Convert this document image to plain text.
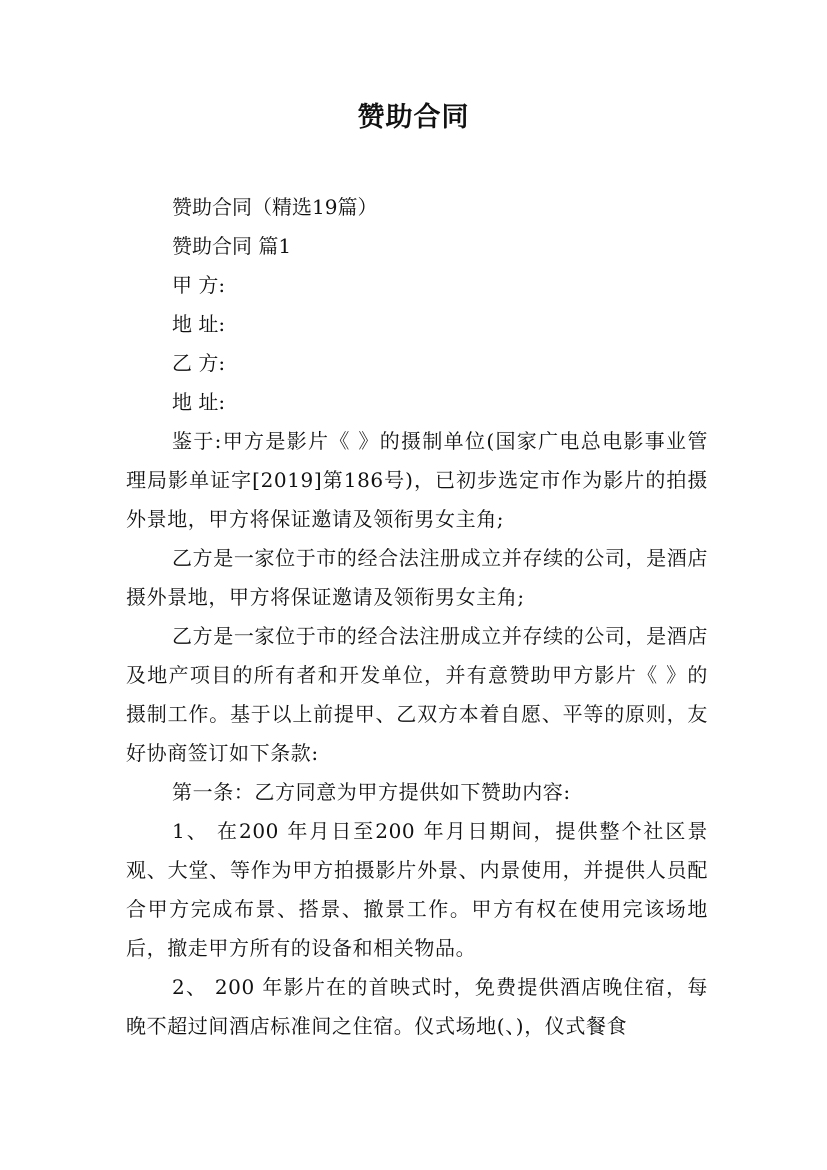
赞助合同
赞助合同（精选19篇）
赞助合同 篇1
甲 方:
地 址:
乙 方:
地 址:

鉴于:甲方是影片《 》的摄制单位(国家广电总电影事业管理局影单证字[2019]第186号)，已初步选定市作为影片的拍摄外景地，甲方将保证邀请及领衔男女主角;

乙方是一家位于市的经合法注册成立并存续的公司，是酒店摄外景地，甲方将保证邀请及领衔男女主角;

乙方是一家位于市的经合法注册成立并存续的公司，是酒店及地产项目的所有者和开发单位，并有意赞助甲方影片《 》的摄制工作。基于以上前提甲、乙双方本着自愿、平等的原则，友好协商签订如下条款:

第一条：乙方同意为甲方提供如下赞助内容:

1、 在200 年月日至200 年月日期间，提供整个社区景观、大堂、等作为甲方拍摄影片外景、内景使用，并提供人员配合甲方完成布景、搭景、撤景工作。甲方有权在使用完该场地后，撤走甲方所有的设备和相关物品。

2、 200 年影片在的首映式时，免费提供酒店晚住宿，每晚不超过间酒店标准间之住宿。仪式场地(、)，仪式餐食
